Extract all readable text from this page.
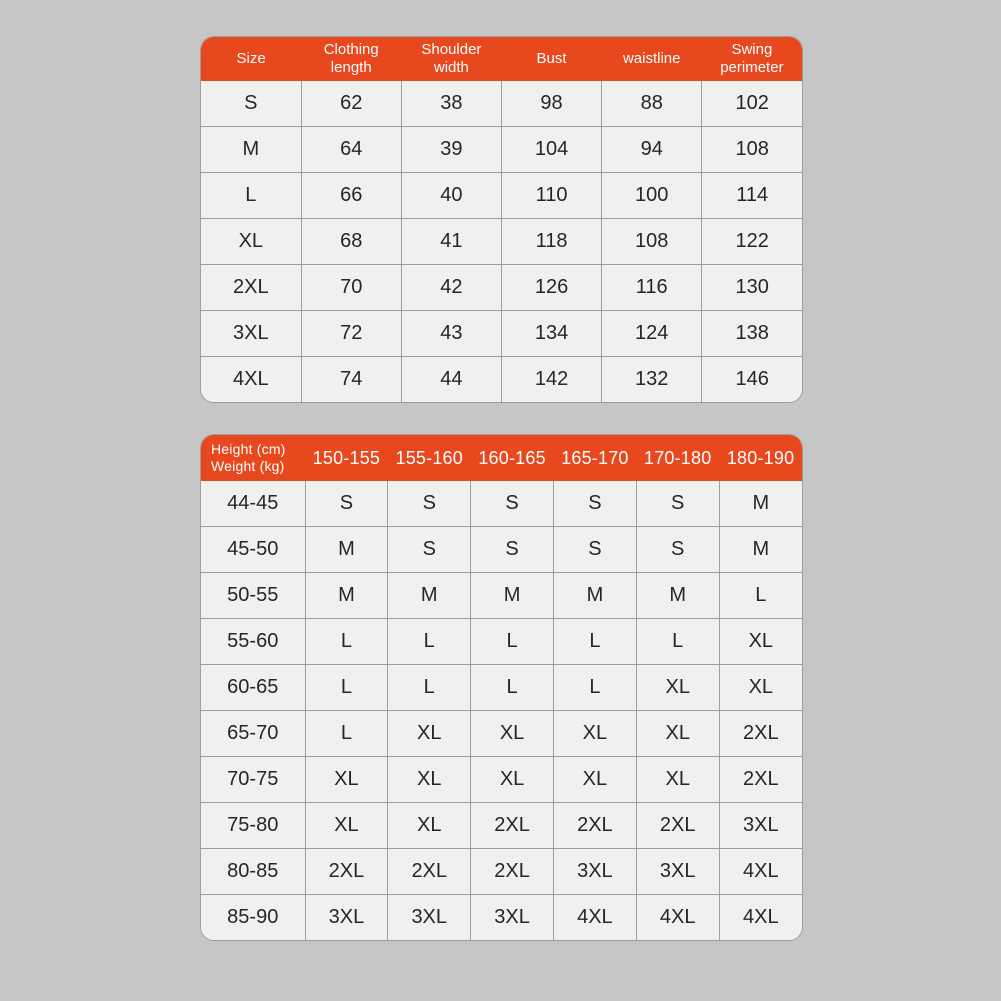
Size	Clothing length	Shoulder width	Bust	waistline	Swing perimeter
S	62	38	98	88	102
M	64	39	104	94	108
L	66	40	110	100	114
XL	68	41	118	108	122
2XL	70	42	126	116	130
3XL	72	43	134	124	138
4XL	74	44	142	132	146
Height (cm)
Weight (kg)	150-155	155-160	160-165	165-170	170-180	180-190
44-45	S	S	S	S	S	M
45-50	M	S	S	S	S	M
50-55	M	M	M	M	M	L
55-60	L	L	L	L	L	XL
60-65	L	L	L	L	XL	XL
65-70	L	XL	XL	XL	XL	2XL
70-75	XL	XL	XL	XL	XL	2XL
75-80	XL	XL	2XL	2XL	2XL	3XL
80-85	2XL	2XL	2XL	3XL	3XL	4XL
85-90	3XL	3XL	3XL	4XL	4XL	4XL
